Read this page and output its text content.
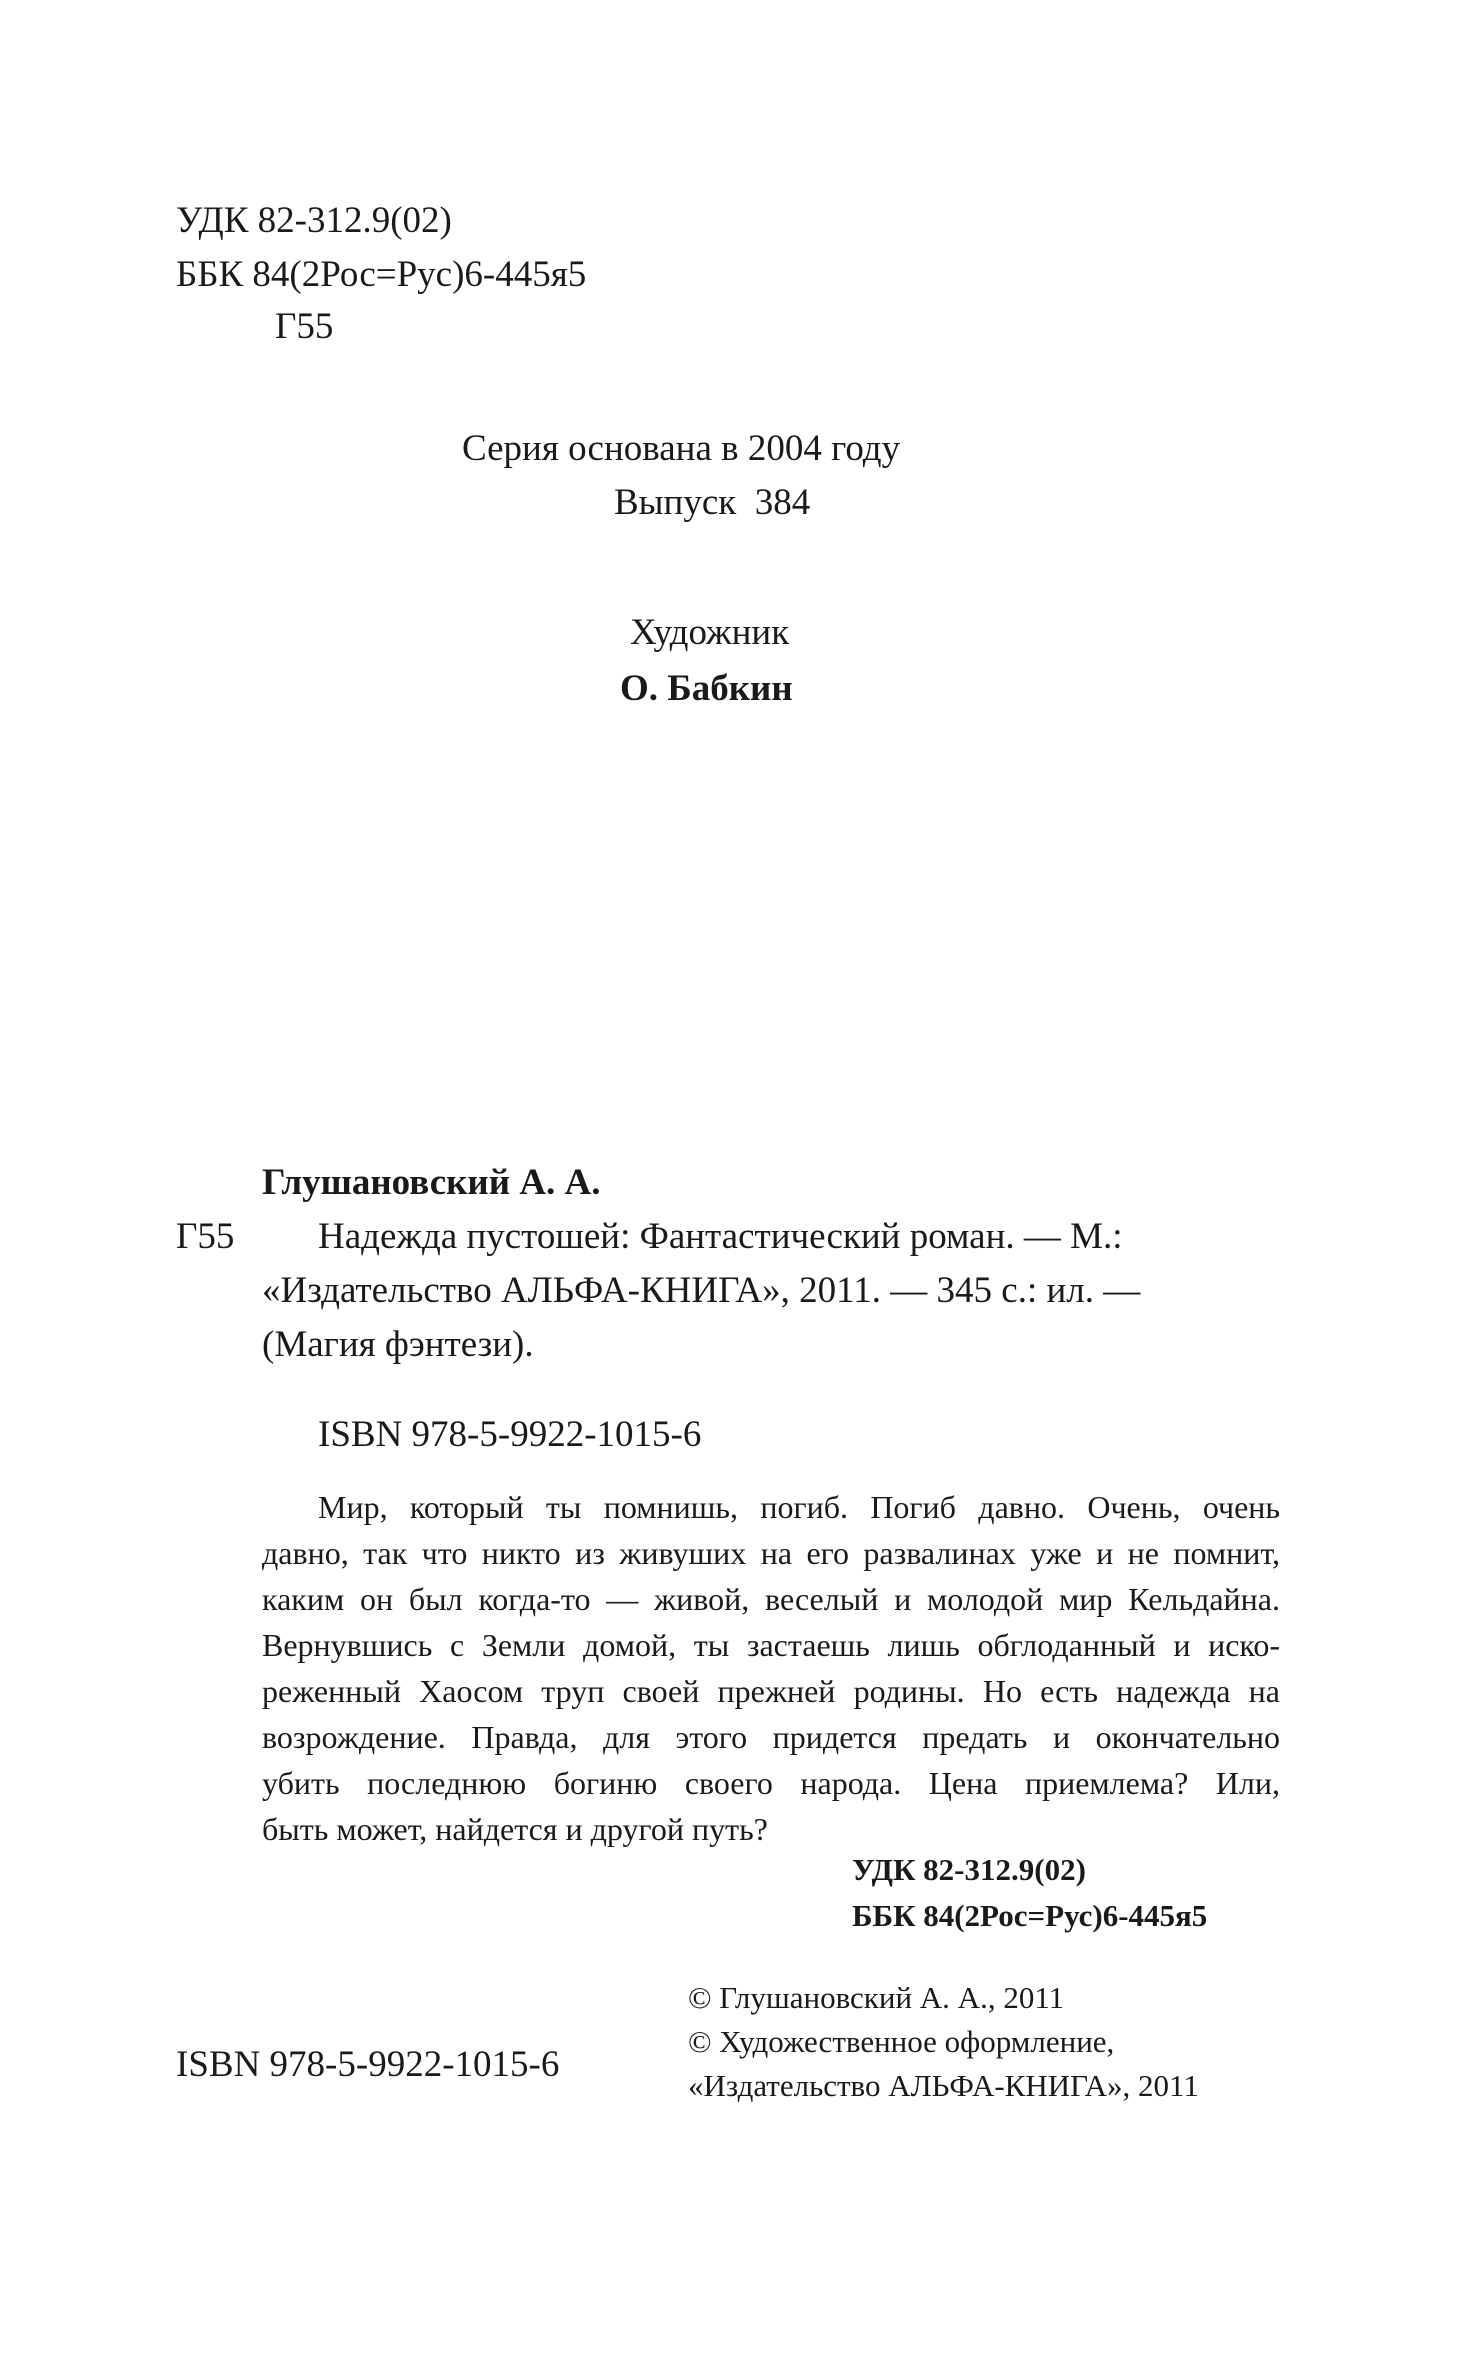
УДК 82-312.9(02)
ББК 84(2Рос=Рус)6-445я5
Г55
Серия основана в 2004 году
Выпуск  384
Художник
О. Бабкин
Глушановский А. А.
Г55 Надежда пустошей: Фантастический роман. — М.:
«Издательство АЛЬФА-КНИГА», 2011. — 345 с.: ил. —
(Магия фэнтези).
ISBN 978-5-9922-1015-6
Мир, который ты помнишь, погиб. Погиб давно. Очень, очень
давно, так что никто из живуших на его развалинах уже и не помнит,
каким он был когда-то — живой, веселый и молодой мир Кельдайна.
Вернувшись с Земли домой, ты застаешь лишь обглоданный и иско-
реженный Хаосом труп своей прежней родины. Но есть надежда на
возрождение. Правда, для этого придется предать и окончательно
убить последнюю богиню своего народа. Цена приемлема? Или,
быть может, найдется и другой путь?
УДК 82-312.9(02)
ББК 84(2Рос=Рус)6-445я5
© Глушановский А. А., 2011
© Художественное оформление,
«Издательство АЛЬФА-КНИГА», 2011
ISBN 978-5-9922-1015-6
